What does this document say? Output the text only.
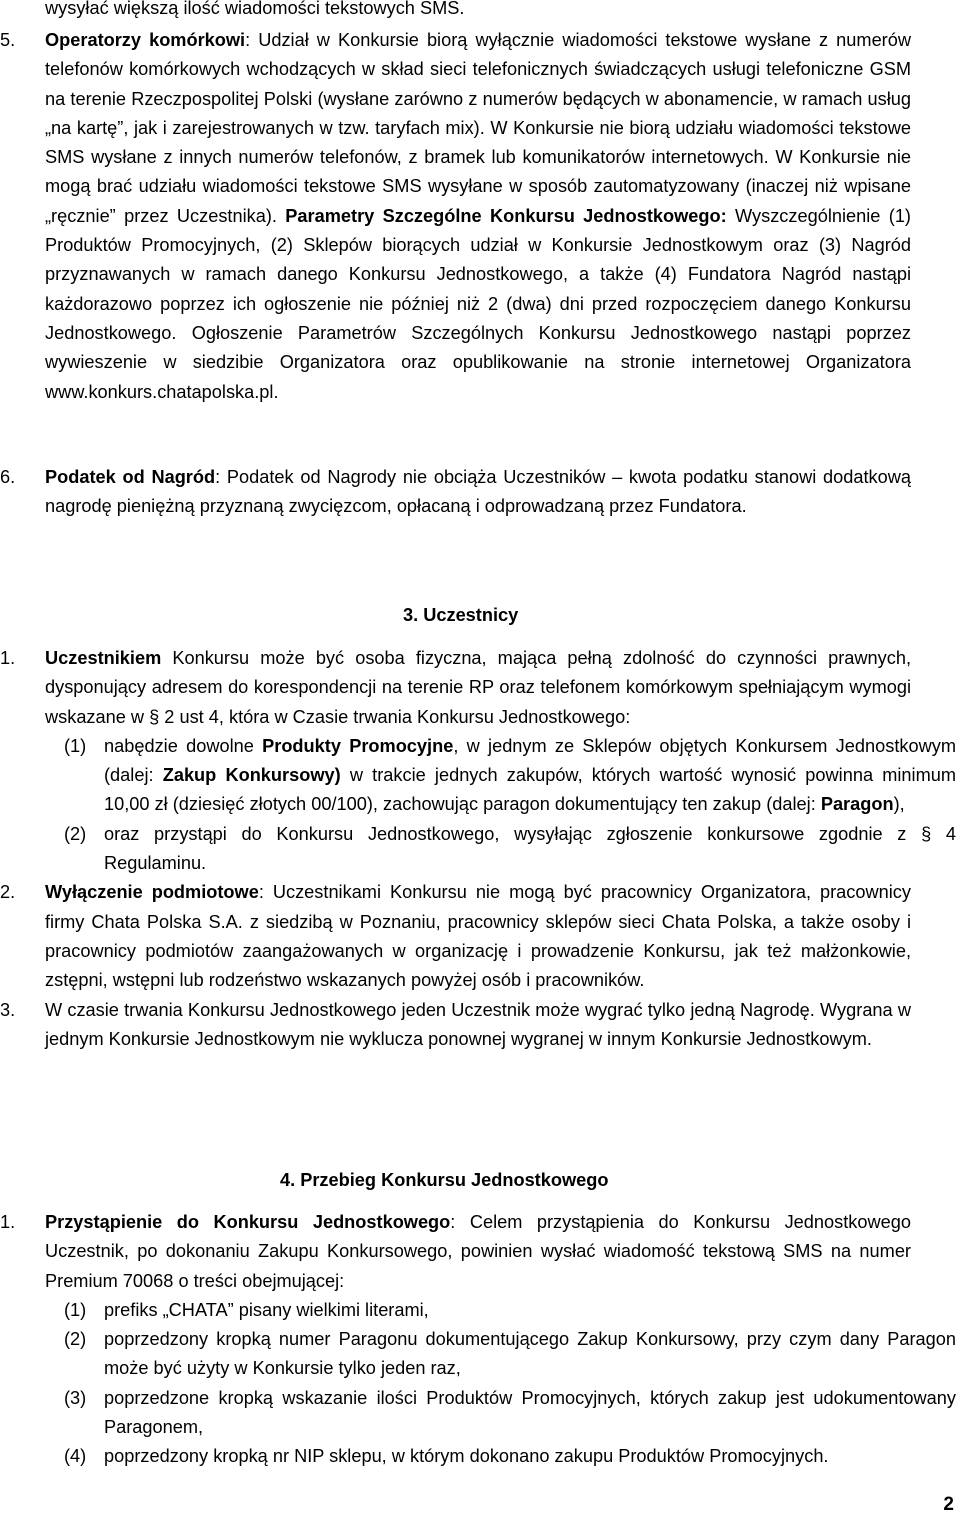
wysyłać większą ilość wiadomości tekstowych SMS.
5. Operatorzy komórkowi: Udział w Konkursie biorą wyłącznie wiadomości tekstowe wysłane z numerów telefonów komórkowych wchodzących w skład sieci telefonicznych świadczących usługi telefoniczne GSM na terenie Rzeczpospolitej Polski (wysłane zarówno z numerów będących w abonamencie, w ramach usług „na kartę”, jak i zarejestrowanych w tzw. taryfach mix). W Konkursie nie biorą udziału wiadomości tekstowe SMS wysłane z innych numerów telefonów, z bramek lub komunikatorów internetowych. W Konkursie nie mogą brać udziału wiadomości tekstowe SMS wysyłane w sposób zautomatyzowany (inaczej niż wpisane „ręcznie” przez Uczestnika). Parametry Szczególne Konkursu Jednostkowego: Wyszczególnienie (1) Produktów Promocyjnych, (2) Sklepów biorących udział w Konkursie Jednostkowym oraz (3) Nagród przyznawanych w ramach danego Konkursu Jednostkowego, a także (4) Fundatora Nagród nastąpi każdorazowo poprzez ich ogłoszenie nie później niż 2 (dwa) dni przed rozpoczęciem danego Konkursu Jednostkowego. Ogłoszenie Parametrów Szczególnych Konkursu Jednostkowego nastąpi poprzez wywieszenie w siedzibie Organizatora oraz opublikowanie na stronie internetowej Organizatora www.konkurs.chatapolska.pl.
6. Podatek od Nagród: Podatek od Nagrody nie obciąża Uczestników – kwota podatku stanowi dodatkową nagrodę pieniężną przyznaną zwycięzcom, opłacaną i odprowadzaną przez Fundatora.
3. Uczestnicy
1. Uczestnikiem Konkursu może być osoba fizyczna, mająca pełną zdolność do czynności prawnych, dysponujący adresem do korespondencji na terenie RP oraz telefonem komórkowym spełniającym wymogi wskazane w § 2 ust 4, która w Czasie trwania Konkursu Jednostkowego:
(1) nabędzie dowolne Produkty Promocyjne, w jednym ze Sklepów objętych Konkursem Jednostkowym (dalej: Zakup Konkursowy) w trakcie jednych zakupów, których wartość wynosić powinna minimum 10,00 zł (dziesięć złotych 00/100), zachowując paragon dokumentujący ten zakup (dalej: Paragon),
(2) oraz przystąpi do Konkursu Jednostkowego, wysyłając zgłoszenie konkursowe zgodnie z § 4 Regulaminu.
2. Wyłączenie podmiotowe: Uczestnikami Konkursu nie mogą być pracownicy Organizatora, pracownicy firmy Chata Polska S.A. z siedzibą w Poznaniu, pracownicy sklepów sieci Chata Polska, a także osoby i pracownicy podmiotów zaangażowanych w organizację i prowadzenie Konkursu, jak też małżonkowie, zstępni, wstępni lub rodzeństwo wskazanych powyżej osób i pracowników.
3. W czasie trwania Konkursu Jednostkowego jeden Uczestnik może wygrać tylko jedną Nagrodę. Wygrana w jednym Konkursie Jednostkowym nie wyklucza ponownej wygranej w innym Konkursie Jednostkowym.
4. Przebieg Konkursu Jednostkowego
1. Przystąpienie do Konkursu Jednostkowego: Celem przystąpienia do Konkursu Jednostkowego Uczestnik, po dokonaniu Zakupu Konkursowego, powinien wysłać wiadomość tekstową SMS na numer Premium 70068 o treści obejmującej:
(1) prefiks „CHATA” pisany wielkimi literami,
(2) poprzedzony kropką numer Paragonu dokumentującego Zakup Konkursowy, przy czym dany Paragon może być użyty w Konkursie tylko jeden raz,
(3) poprzedzone kropką wskazanie ilości Produktów Promocyjnych, których zakup jest udokumentowany Paragonem,
(4) poprzedzony kropką nr NIP sklepu, w którym dokonano zakupu Produktów Promocyjnych.
2
